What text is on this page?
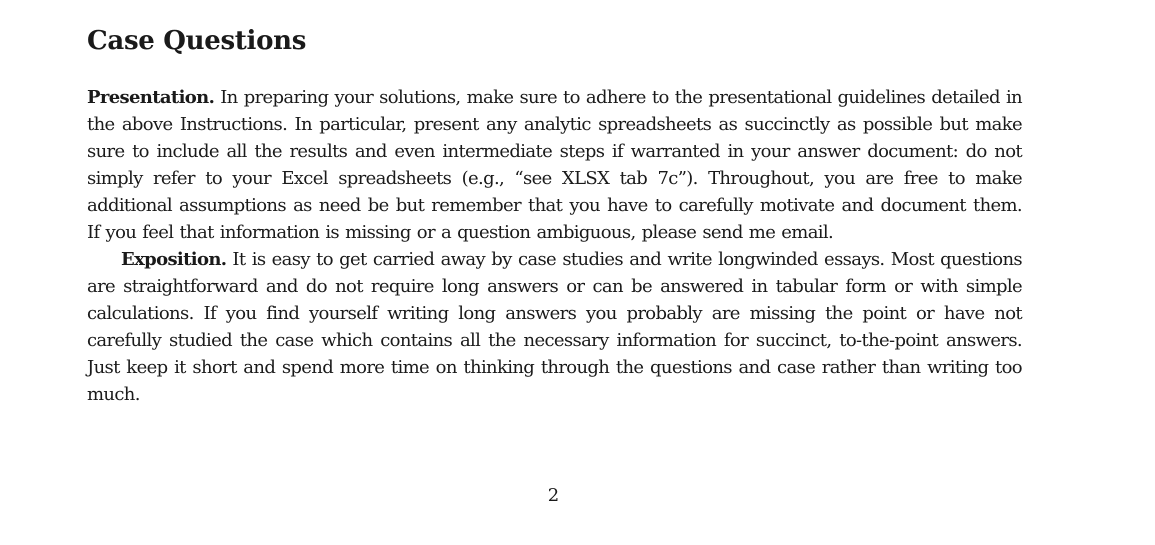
Case Questions

Presentation. In preparing your solutions, make sure to adhere to the presentational guidelines detailed in the above Instructions. In particular, present any analytic spreadsheets as succinctly as possible but make sure to include all the results and even intermediate steps if warranted in your answer document: do not simply refer to your Excel spreadsheets (e.g., “see XLSX tab 7c”). Throughout, you are free to make additional assumptions as need be but remember that you have to carefully motivate and document them. If you feel that information is missing or a question ambiguous, please send me email.

Exposition. It is easy to get carried away by case studies and write longwinded essays. Most questions are straightforward and do not require long answers or can be answered in tabular form or with simple calculations. If you find yourself writing long answers you probably are missing the point or have not carefully studied the case which contains all the necessary information for succinct, to-the-point answers. Just keep it short and spend more time on thinking through the questions and case rather than writing too much.

2
